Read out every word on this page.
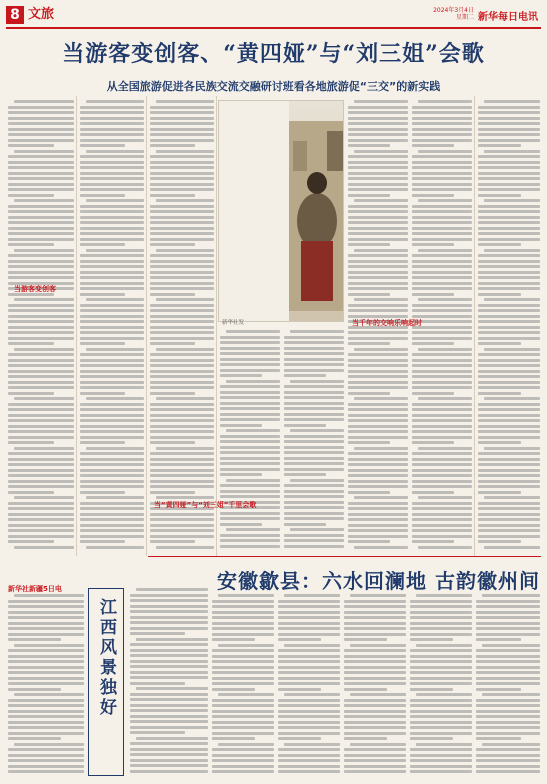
8 文旅	2024年3月4日
星期二 新华每日电讯
当游客变创客、“黄四娅”与“刘三姐”会歌
从全国旅游促进各民族交流交融研讨班看各地旅游促“三交”的新实践
当游客变创客
当“黄四娅”与“刘三姐”千里会歌
当千年的交响乐响起时
新华社发
安徽歙县：六水回澜地 古韵徽州间
新华社新疆5日电
江西风景独好
